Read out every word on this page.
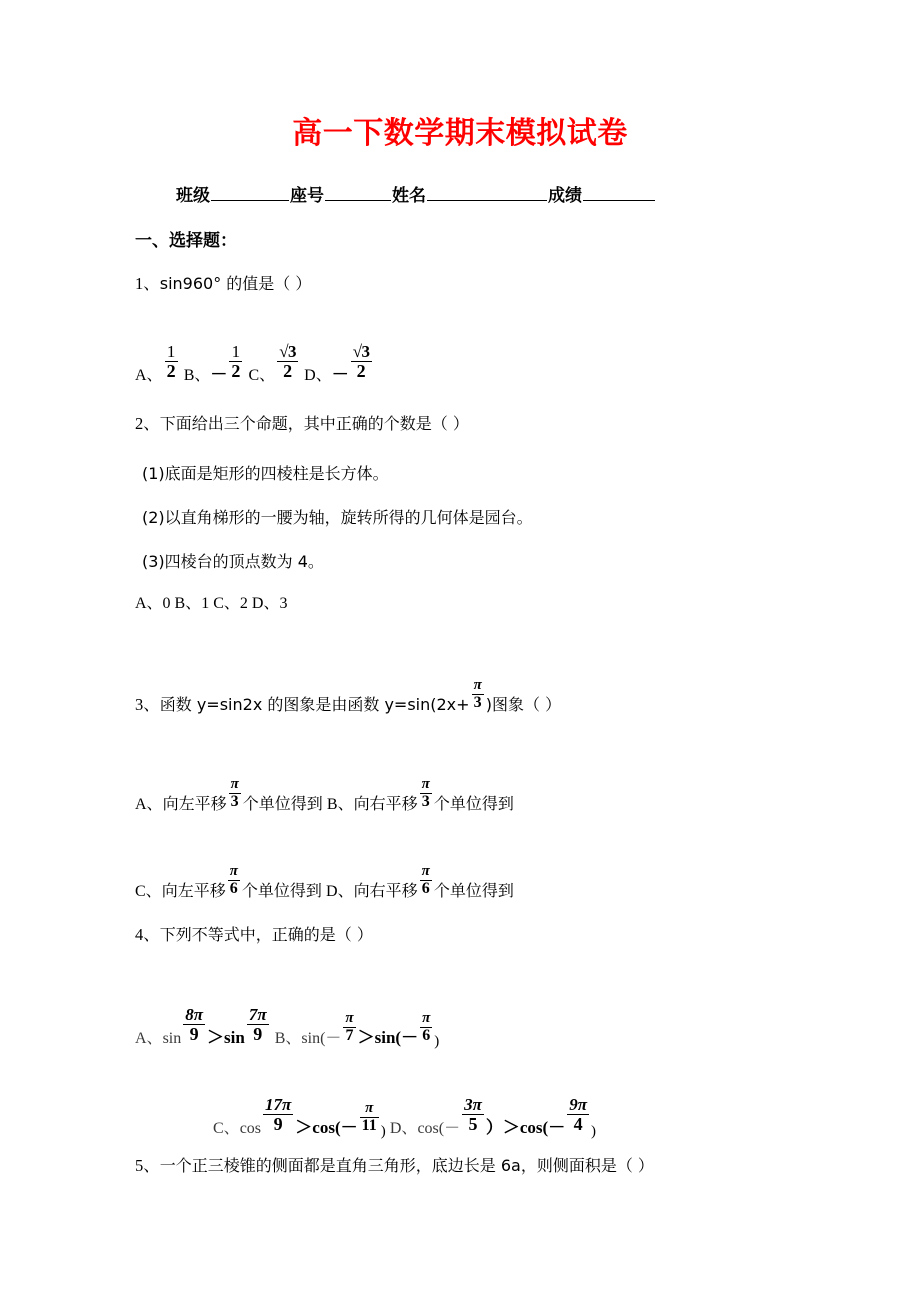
高一下数学期末模拟试卷
班级	座号	姓名	成绩
一、选择题：
1、sin960° 的值是（ ）
A、 $\frac{1}{2}$ B、－ $\frac{1}{2}$ C、 $\frac{√3}{2}$ D、－ $\frac{√3}{2}$
2、下面给出三个命题，其中正确的个数是（ ）
(1)底面是矩形的四棱柱是长方体。
(2)以直角梯形的一腰为轴，旋转所得的几何体是园台。
(3)四棱台的顶点数为 4。
A、0 B、1 C、2 D、3
3、函数 y=sin2x 的图象是由函数 $y=\sin(2x+ \frac{\pi}{3}$ )图象（ ）
A、向左平移 $\frac{\pi}{3}$ 个单位得到 B、向右平移 $\frac{\pi}{3}$ 个单位得到
C、向左平移 $\frac{\pi}{6}$ 个单位得到 D、向右平移 $\frac{\pi}{6}$ 个单位得到
4、下列不等式中，正确的是（ ）
A、$\sin \frac{8\pi}{9} >\sin \frac{7\pi}{9}$ B、$\sin(- \frac{\pi}{7} >\sin(- \frac{\pi}{6}$ )
C、$\cos \frac{17\pi}{9} >\cos(- \frac{\pi}{11}$ ) D、$\cos(- \frac{3\pi}{5} )>\cos(- \frac{9\pi}{4}$ )
5、一个正三棱锥的侧面都是直角三角形，底边长是 6a，则侧面积是（ ）
